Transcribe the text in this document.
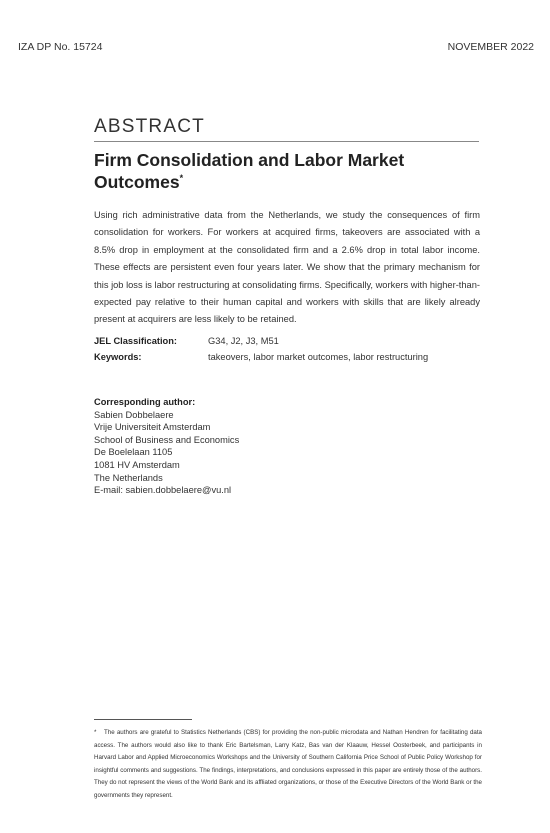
IZA DP No. 15724	NOVEMBER 2022
ABSTRACT
Firm Consolidation and Labor Market Outcomes*
Using rich administrative data from the Netherlands, we study the consequences of firm consolidation for workers. For workers at acquired firms, takeovers are associated with a 8.5% drop in employment at the consolidated firm and a 2.6% drop in total labor income. These effects are persistent even four years later. We show that the primary mechanism for this job loss is labor restructuring at consolidating firms. Specifically, workers with higher-than-expected pay relative to their human capital and workers with skills that are likely already present at acquirers are less likely to be retained.
JEL Classification:	G34, J2, J3, M51
Keywords:	takeovers, labor market outcomes, labor restructuring
Corresponding author:
Sabien Dobbelaere
Vrije Universiteit Amsterdam
School of Business and Economics
De Boelelaan 1105
1081 HV Amsterdam
The Netherlands
E-mail: sabien.dobbelaere@vu.nl
* The authors are grateful to Statistics Netherlands (CBS) for providing the non-public microdata and Nathan Hendren for facilitating data access. The authors would also like to thank Eric Bartelsman, Larry Katz, Bas van der Klaauw, Hessel Oosterbeek, and participants in Harvard Labor and Applied Microeconomics Workshops and the University of Southern California Price School of Public Policy Workshop for insightful comments and suggestions. The findings, interpretations, and conclusions expressed in this paper are entirely those of the authors. They do not represent the views of the World Bank and its affliated organizations, or those of the Executive Directors of the World Bank or the governments they represent.
